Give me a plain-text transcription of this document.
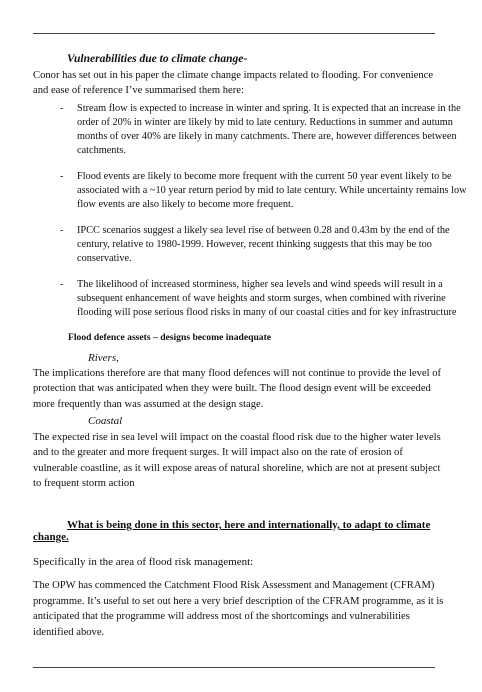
Vulnerabilities due to climate change-

Conor has set out in his paper the climate change impacts related to flooding. For convenience and ease of reference I’ve summarised them here:

- Stream flow is expected to increase in winter and spring. It is expected that an increase in the order of 20% in winter are likely by mid to late century. Reductions in summer and autumn months of over 40% are likely in many catchments. There are, however differences between catchments.
- Flood events are likely to become more frequent with the current 50 year event likely to be associated with a ~10 year return period by mid to late century. While uncertainty remains low flow events are also likely to become more frequent.
- IPCC scenarios suggest a likely sea level rise of between 0.28 and 0.43m by the end of the century, relative to 1980-1999. However, recent thinking suggests that this may be too conservative.
- The likelihood of increased storminess, higher sea levels and wind speeds will result in a subsequent enhancement of wave heights and storm surges, when combined with riverine flooding will pose serious flood risks in many of our coastal cities and for key infrastructure

Flood defence assets – designs become inadequate

Rivers,

The implications therefore are that many flood defences will not continue to provide the level of protection that was anticipated when they were built. The flood design event will be exceeded more frequently than was assumed at the design stage.

Coastal

The expected rise in sea level will impact on the coastal flood risk due to the higher water levels and to the greater and more frequent surges. It will impact also on the rate of erosion of vulnerable coastline, as it will expose areas of natural shoreline, which are not at present subject to frequent storm action

What is being done in this sector, here and internationally, to adapt to climate change.

Specifically in the area of flood risk management:

The OPW has commenced the Catchment Flood Risk Assessment and Management (CFRAM) programme. It’s useful to set out here a very brief description of the CFRAM programme, as it is anticipated that the programme will address most of the shortcomings and vulnerabilities identified above.
